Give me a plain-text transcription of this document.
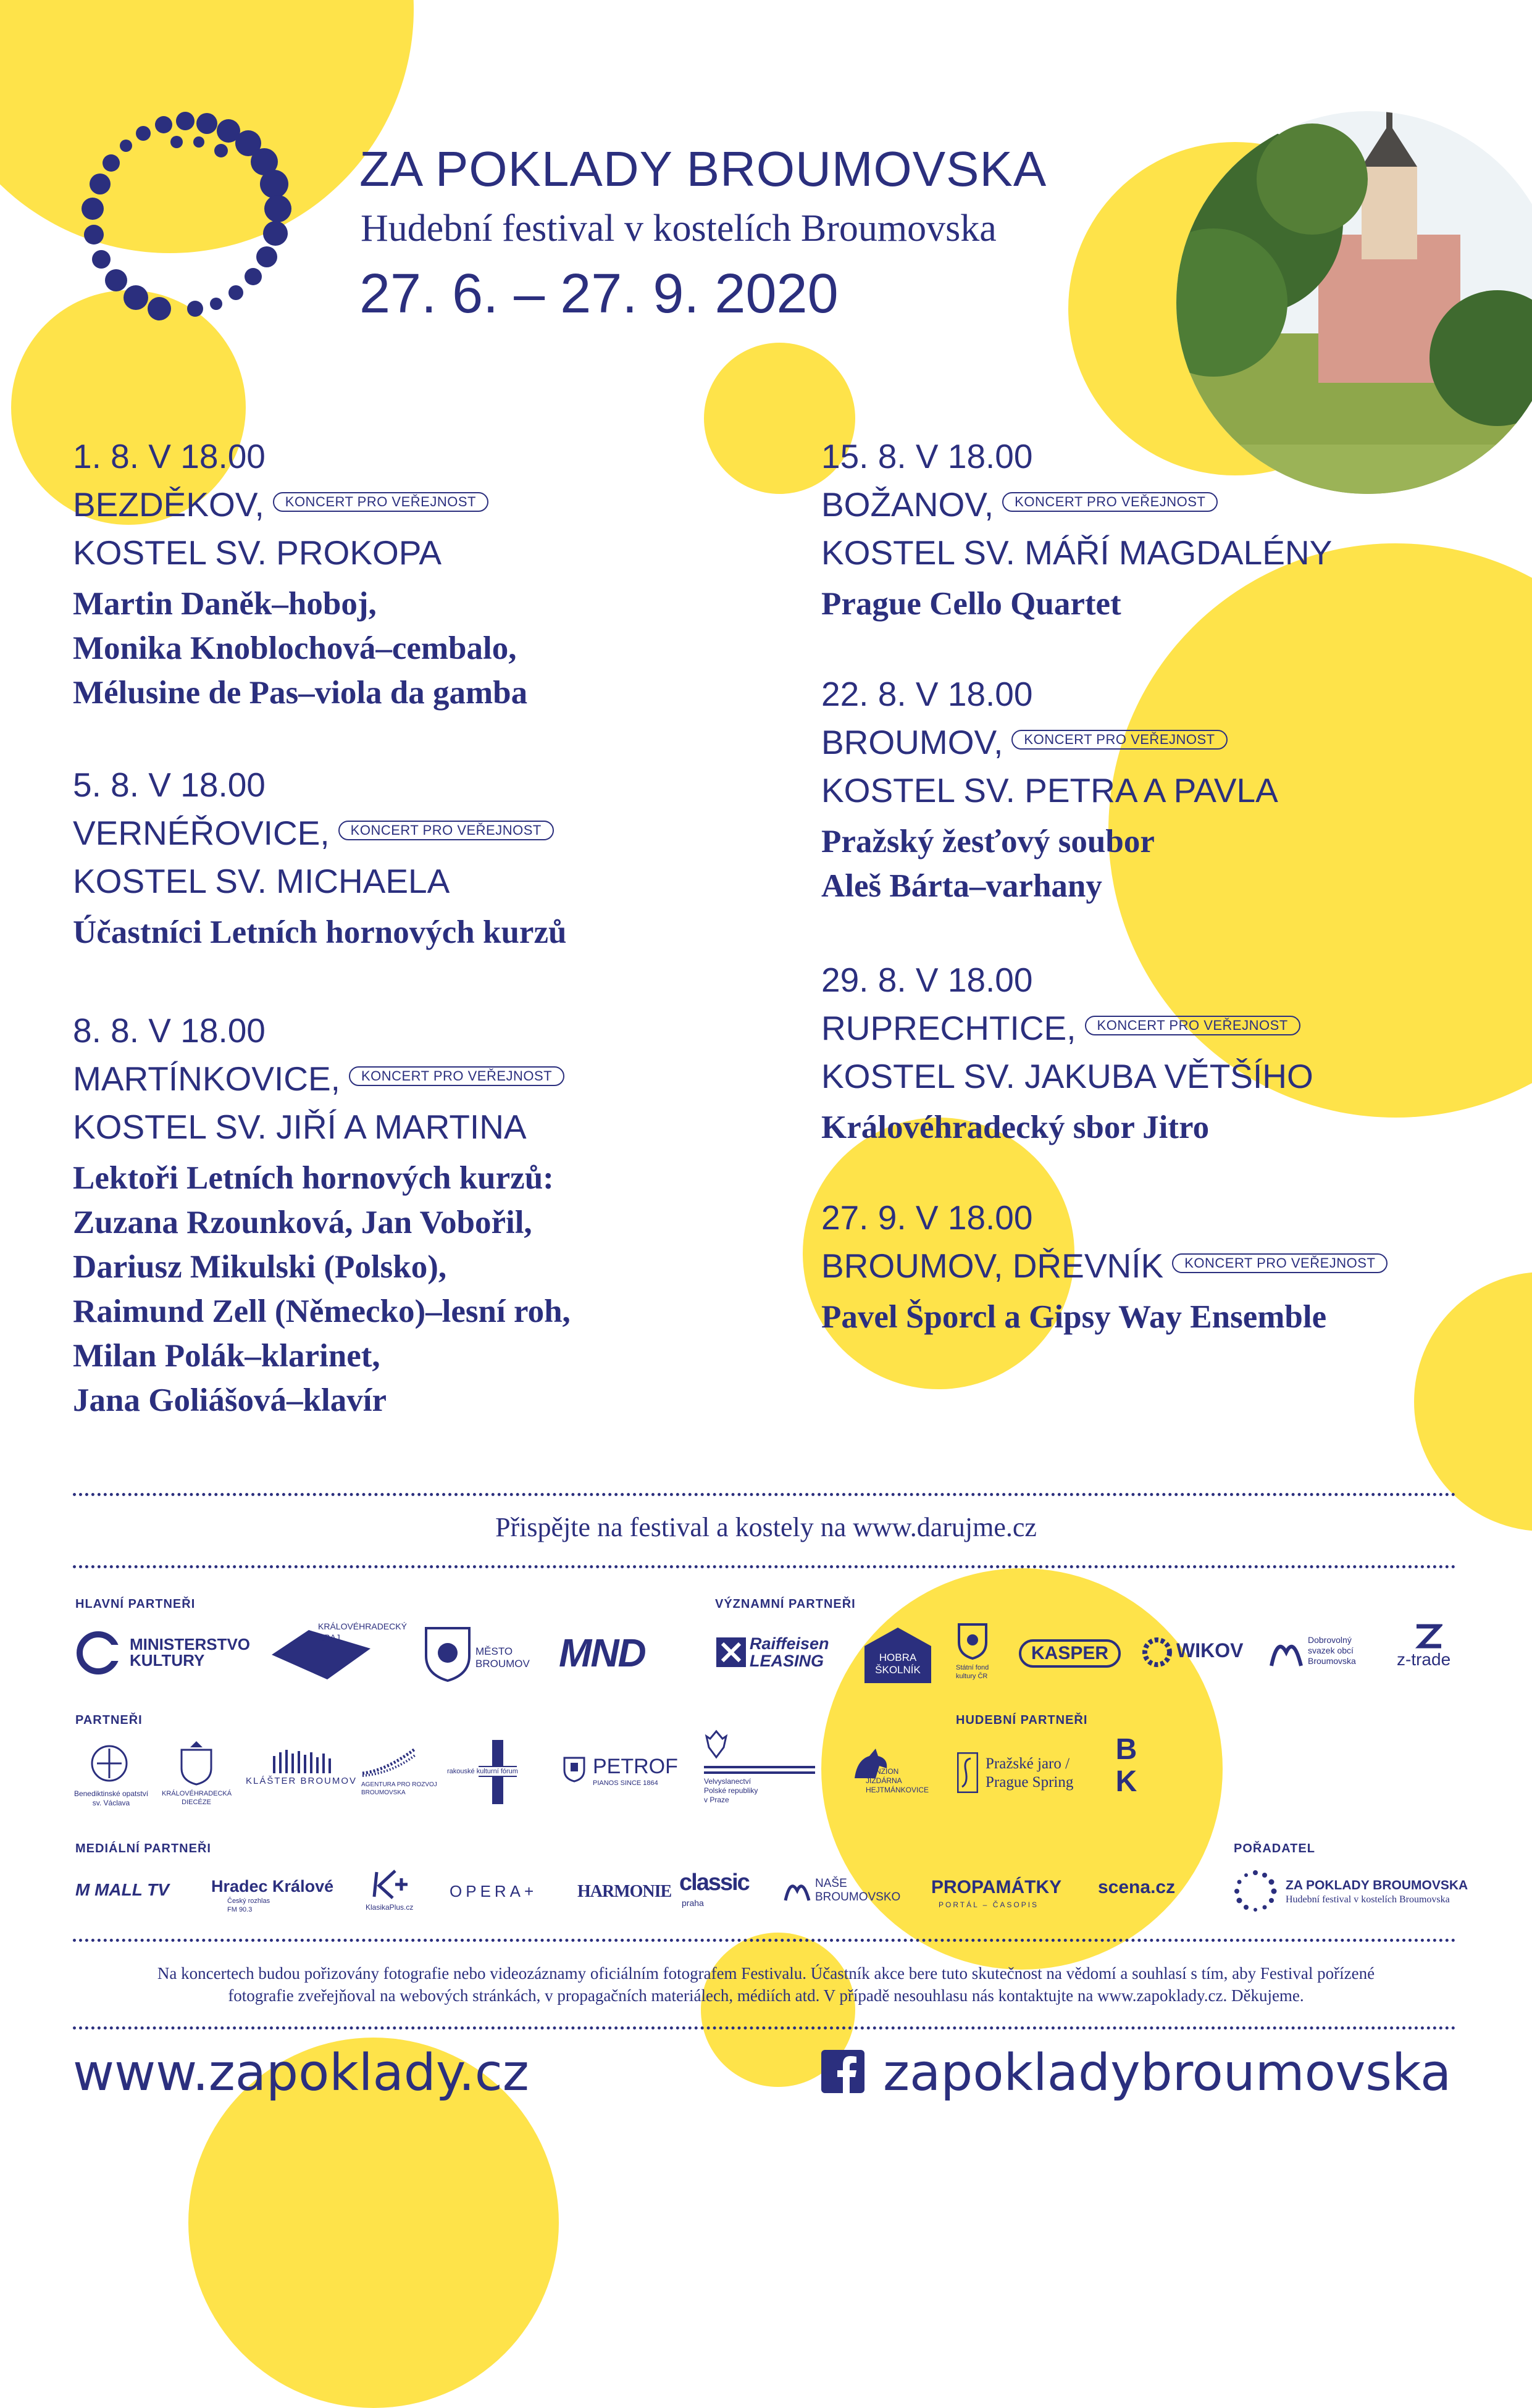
ZA POKLADY BROUMOVSKA
Hudební festival v kostelích Broumovska
27. 6. – 27. 9. 2020
1. 8. V 18.00
BEZDĚKOV, KONCERT PRO VEŘEJNOST
KOSTEL SV. PROKOPA
Martin Daněk–hoboj,
Monika Knoblochová–cembalo,
Mélusine de Pas–viola da gamba
5. 8. V 18.00
VERNÉŘOVICE, KONCERT PRO VEŘEJNOST
KOSTEL SV. MICHAELA
Účastníci Letních hornových kurzů
8. 8. V 18.00
MARTÍNKOVICE, KONCERT PRO VEŘEJNOST
KOSTEL SV. JIŘÍ A MARTINA
Lektoři Letních hornových kurzů:
Zuzana Rzounková, Jan Vobořil,
Dariusz Mikulski (Polsko),
Raimund Zell (Německo)–lesní roh,
Milan Polák–klarinet,
Jana Goliášová–klavír
15. 8. V 18.00
BOŽANOV, KONCERT PRO VEŘEJNOST
KOSTEL SV. MÁŘÍ MAGDALÉNY
Prague Cello Quartet
22. 8. V 18.00
BROUMOV, KONCERT PRO VEŘEJNOST
KOSTEL SV. PETRA A PAVLA
Pražský žesťový soubor
Aleš Bárta–varhany
29. 8. V 18.00
RUPRECHTICE, KONCERT PRO VEŘEJNOST
KOSTEL SV. JAKUBA VĚTŠÍHO
Královéhradecký sbor Jitro
27. 9. V 18.00
BROUMOV, DŘEVNÍK KONCERT PRO VEŘEJNOST
Pavel Šporcl a Gipsy Way Ensemble
Přispějte na festival a kostely na www.darujme.cz
HLAVNÍ PARTNEŘI	VÝZNAMNÍ PARTNEŘI
PARTNEŘI	HUDEBNÍ PARTNEŘI
MEDIÁLNÍ PARTNEŘI	POŘADATEL
MINISTERSTVO
KULTURY
KRÁLOVÉHRADECKÝ
KRAJ
MĚSTO
BROUMOV MND	Raiffeisen
LEASING	HOBRA
ŠKOLNÍK	Státní fond
kultury ČR
KASPER	WIKOV	Dobrovolný
svazek obcí
Broumovska z-trade
Benediktinské opatství
sv. Václava
KRÁLOVÉHRADECKÁ
DIECÉZE
KLÁŠTER BROUMOV AGENTURA PRO ROZVOJ
BROUMOVSKA
rakouské kulturní fórum	PETROF
PIANOS SINCE 1864	Velvyslanectví
Polské republiky
v Praze
PENZION
JÍZDÁRNA
HEJTMÁNKOVICE
Pražské jaro /
Prague Spring
B
K
M MALL TV	Hradec Králové
Český rozhlas
FM 90.3	KlasikaPlus.cz
OPERA+ HARMONIE classic
praha
NAŠE
BROUMOVSKO PROPAMÁTKY
PORTÁL – ČASOPIS
scena.cz	ZA POKLADY BROUMOVSKA
Hudební festival v kostelích Broumovska
Na koncertech budou pořizovány fotografie nebo videozáznamy oficiálním fotografem Festivalu. Účastník akce bere tuto skutečnost na vědomí a souhlasí s tím, aby Festival pořízené
fotografie zveřejňoval na webových stránkách, v propagačních materiálech, médiích atd. V případě nesouhlasu nás kontaktujte na www.zapoklady.cz. Děkujeme.
www.zapoklady.cz	zapokladybroumovska
